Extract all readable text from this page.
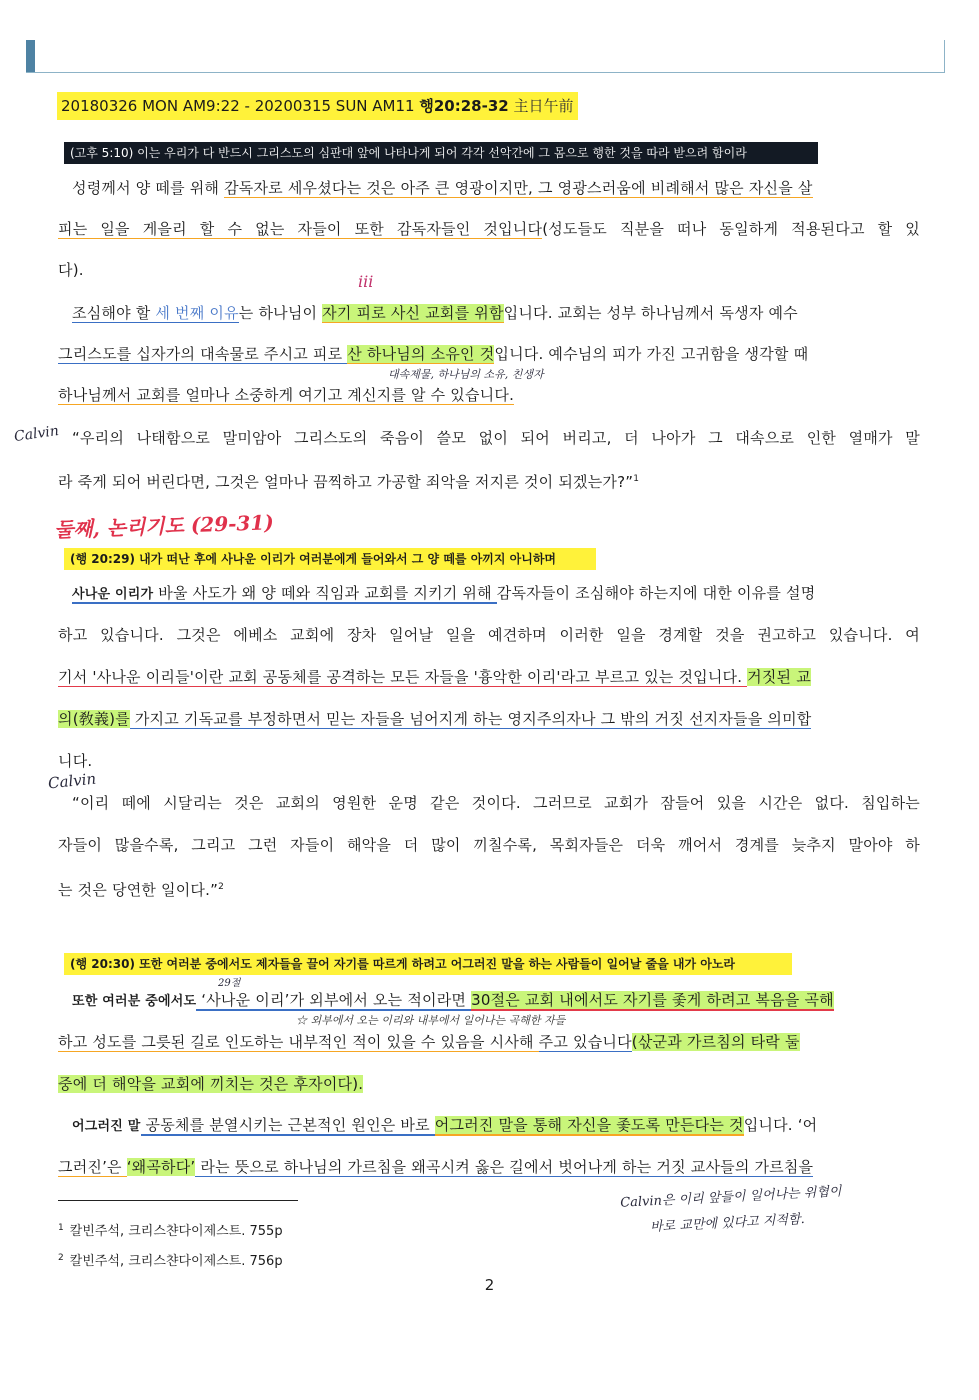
20180326 MON AM9:22 - 20200315 SUN AM11 행20:28-32 主日午前
(고후 5:10) 이는 우리가 다 반드시 그리스도의 심판대 앞에 나타나게 되어 각각 선악간에 그 몸으로 행한 것을 따라 받으려 함이라
성령께서 양 떼를 위해 감독자로 세우셨다는 것은 아주 큰 영광이지만, 그 영광스러움에 비례해서 많은 자신을 살
피는 일을 게을리 할 수 없는 자들이 또한 감독자들인 것입니다(성도들도 직분을 떠나 동일하게 적용된다고 할 있
다).
ⅲ
조심해야 할 세 번째 이유는 하나님이 자기 피로 사신 교회를 위함입니다. 교회는 성부 하나님께서 독생자 예수
그리스도를 십자가의 대속물로 주시고 피로 산 하나님의 소유인 것입니다. 예수님의 피가 가진 고귀함을 생각할 때
대속제물, 하나님의 소유, 친생자
하나님께서 교회를 얼마나 소중하게 여기고 계신지를 알 수 있습니다.
Calvin “우리의 나태함으로 말미암아 그리스도의 죽음이 쓸모 없이 되어 버리고, 더 나아가 그 대속으로 인한 열매가 말
라 죽게 되어 버린다면, 그것은 얼마나 끔찍하고 가공할 죄악을 저지른 것이 되겠는가?”$^1$
둘째, 논리기도 (29-31)
(행 20:29) 내가 떠난 후에 사나운 이리가 여러분에게 들어와서 그 양 떼를 아끼지 아니하며
사나운 이리가 바울 사도가 왜 양 떼와 직임과 교회를 지키기 위해 감독자들이 조심해야 하는지에 대한 이유를 설명
하고 있습니다. 그것은 에베소 교회에 장차 일어날 일을 예견하며 이러한 일을 경계할 것을 권고하고 있습니다. 여
기서 '사나운 이리들'이란 교회 공동체를 공격하는 모든 자들을 '흉악한 이리'라고 부르고 있는 것입니다. 거짓된 교
의(敎義)를 가지고 기독교를 부정하면서 믿는 자들을 넘어지게 하는 영지주의자나 그 밖의 거짓 선지자들을 의미합
니다.
Calvin
“이리 떼에 시달리는 것은 교회의 영원한 운명 같은 것이다. 그러므로 교회가 잠들어 있을 시간은 없다. 침입하는
자들이 많을수록, 그리고 그런 자들이 해악을 더 많이 끼칠수록, 목회자들은 더욱 깨어서 경계를 늦추지 말아야 하
는 것은 당연한 일이다.”$^2$
(행 20:30) 또한 여러분 중에서도 제자들을 끌어 자기를 따르게 하려고 어그러진 말을 하는 사람들이 일어날 줄을 내가 아노라
29절
또한 여러분 중에서도 ‘사나운 이리’가 외부에서 오는 적이라면 30절은 교회 내에서도 자기를 좇게 하려고 복음을 곡해
☆ 외부에서 오는 이리와 내부에서 일어나는 곡해한 자들
하고 성도를 그릇된 길로 인도하는 내부적인 적이 있을 수 있음을 시사해 주고 있습니다(삯군과 가르침의 타락 둘
중에 더 해악을 교회에 끼치는 것은 후자이다).
어그러진 말 공동체를 분열시키는 근본적인 원인은 바로 어그러진 말을 통해 자신을 좇도록 만든다는 것입니다. ‘어
그러진’은 ‘왜곡하다’ 라는 뜻으로 하나님의 가르침을 왜곡시켜 옳은 길에서 벗어나게 하는 거짓 교사들의 가르침을
Calvin은 이리 앞들이 일어나는 위협이
바로 교만에 있다고 지적함.
$^1$ 칼빈주석, 크리스챤다이제스트. 755p
$^2$ 칼빈주석, 크리스챤다이제스트. 756p
2
